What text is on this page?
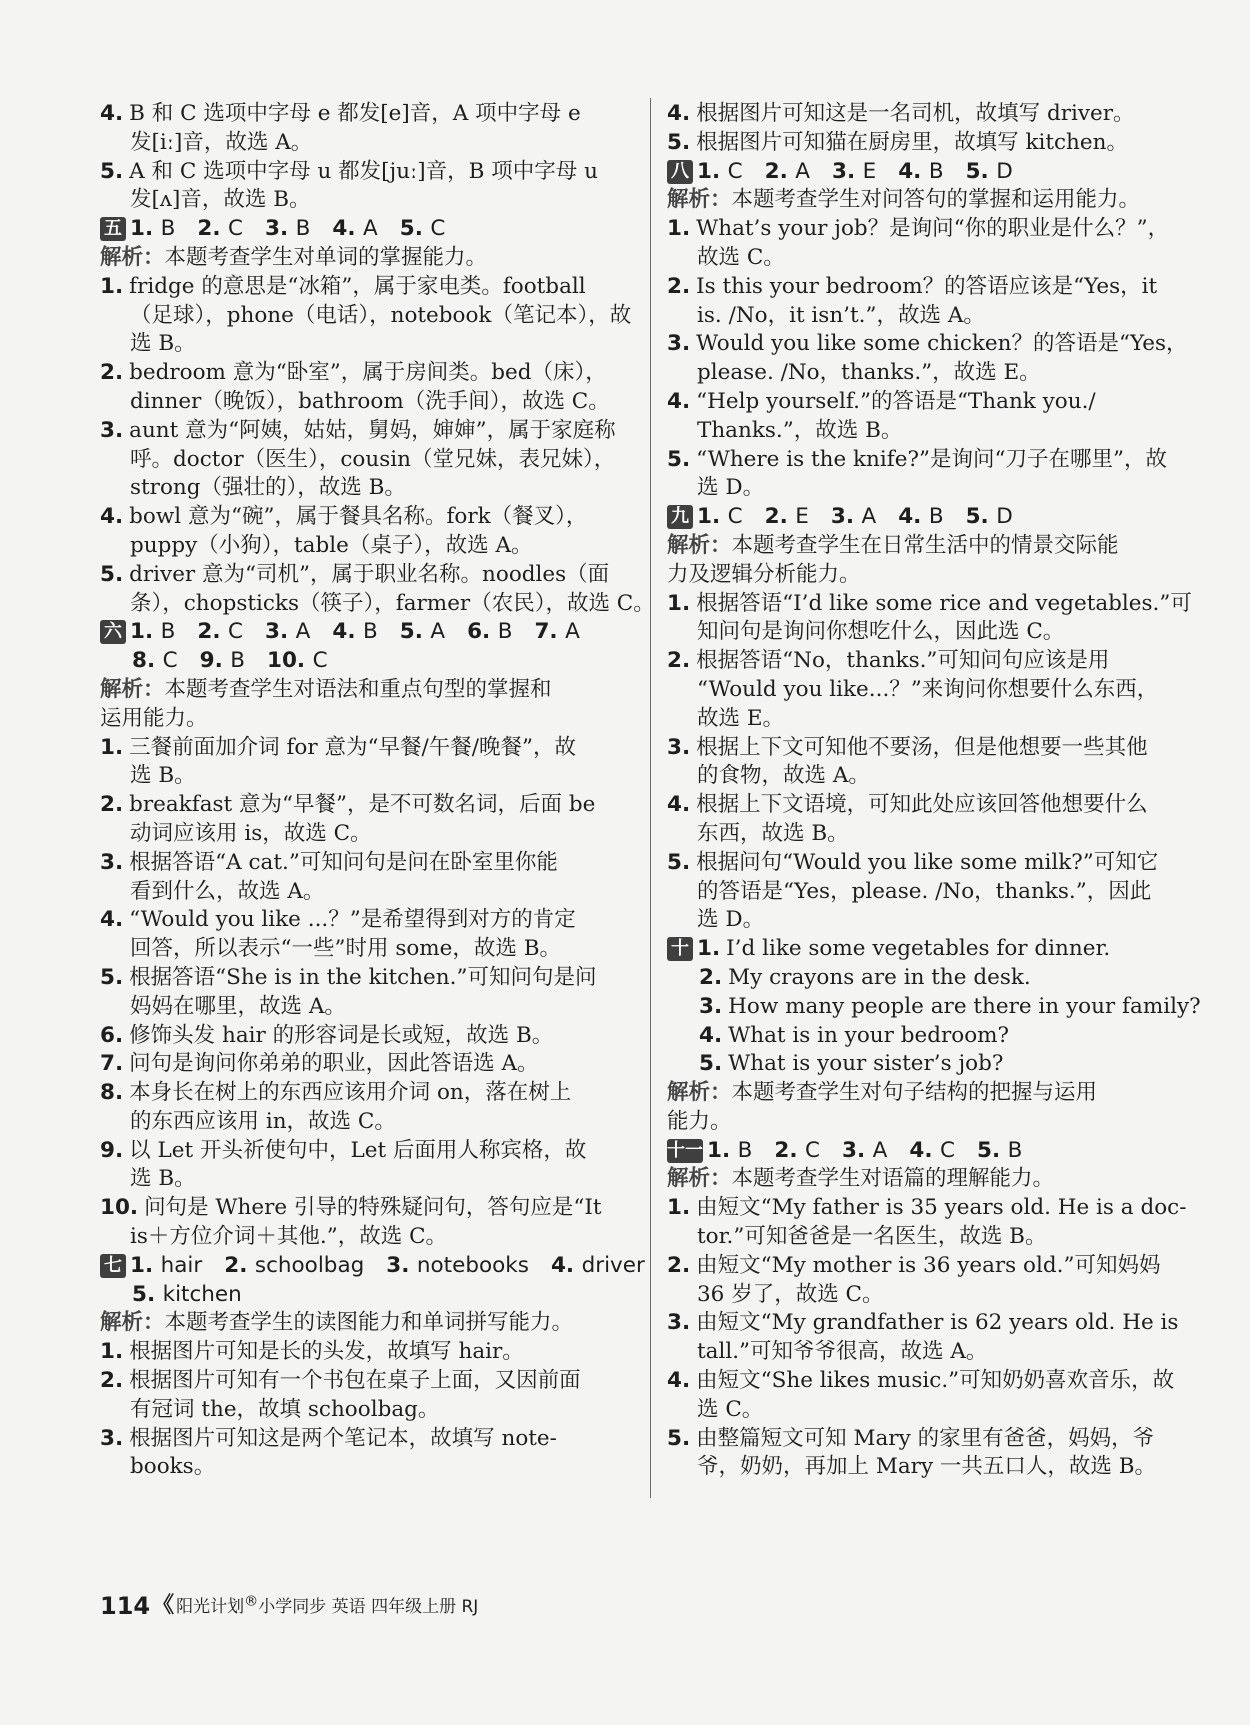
4. B 和 C 选项中字母 e 都发[e]音，A 项中字母 e
发[iː]音，故选 A。
5. A 和 C 选项中字母 u 都发[juː]音，B 项中字母 u
发[ʌ]音，故选 B。
五 1. B 2. C 3. B 4. A 5. C
解析：本题考查学生对单词的掌握能力。
1. fridge 的意思是“冰箱”，属于家电类。football
（足球），phone（电话），notebook（笔记本），故
选 B。
2. bedroom 意为“卧室”，属于房间类。bed（床），
dinner（晚饭），bathroom（洗手间），故选 C。
3. aunt 意为“阿姨，姑姑，舅妈，婶婶”，属于家庭称
呼。doctor（医生），cousin（堂兄妹，表兄妹），
strong（强壮的），故选 B。
4. bowl 意为“碗”，属于餐具名称。fork（餐叉），
puppy（小狗），table（桌子），故选 A。
5. driver 意为“司机”，属于职业名称。noodles（面
条），chopsticks（筷子），farmer（农民），故选 C。
六 1. B 2. C 3. A 4. B 5. A 6. B 7. A
8. C 9. B 10. C
解析：本题考查学生对语法和重点句型的掌握和
运用能力。
1. 三餐前面加介词 for 意为“早餐/午餐/晚餐”，故
选 B。
2. breakfast 意为“早餐”，是不可数名词，后面 be
动词应该用 is，故选 C。
3. 根据答语“A cat.”可知问句是问在卧室里你能
看到什么，故选 A。
4. “Would you like ...？”是希望得到对方的肯定
回答，所以表示“一些”时用 some，故选 B。
5. 根据答语“She is in the kitchen.”可知问句是问
妈妈在哪里，故选 A。
6. 修饰头发 hair 的形容词是长或短，故选 B。
7. 问句是询问你弟弟的职业，因此答语选 A。
8. 本身长在树上的东西应该用介词 on，落在树上
的东西应该用 in，故选 C。
9. 以 Let 开头祈使句中，Let 后面用人称宾格，故
选 B。
10. 问句是 Where 引导的特殊疑问句，答句应是“It
is＋方位介词＋其他.”，故选 C。
七 1. hair 2. schoolbag 3. notebooks 4. driver
5. kitchen
解析：本题考查学生的读图能力和单词拼写能力。
1. 根据图片可知是长的头发，故填写 hair。
2. 根据图片可知有一个书包在桌子上面，又因前面
有冠词 the，故填 schoolbag。
3. 根据图片可知这是两个笔记本，故填写 note-
books。
4. 根据图片可知这是一名司机，故填写 driver。
5. 根据图片可知猫在厨房里，故填写 kitchen。
八 1. C 2. A 3. E 4. B 5. D
解析：本题考查学生对问答句的掌握和运用能力。
1. What’s your job？是询问“你的职业是什么？”，
故选 C。
2. Is this your bedroom？的答语应该是“Yes，it
is. /No，it isn’t.”，故选 A。
3. Would you like some chicken？的答语是“Yes，
please. /No，thanks.”，故选 E。
4. “Help yourself.”的答语是“Thank you./
Thanks.”，故选 B。
5. “Where is the knife?”是询问“刀子在哪里”，故
选 D。
九 1. C 2. E 3. A 4. B 5. D
解析：本题考查学生在日常生活中的情景交际能
力及逻辑分析能力。
1. 根据答语“I’d like some rice and vegetables.”可
知问句是询问你想吃什么，因此选 C。
2. 根据答语“No，thanks.”可知问句应该是用
“Would you like...？”来询问你想要什么东西，
故选 E。
3. 根据上下文可知他不要汤，但是他想要一些其他
的食物，故选 A。
4. 根据上下文语境，可知此处应该回答他想要什么
东西，故选 B。
5. 根据问句“Would you like some milk?”可知它
的答语是“Yes，please. /No，thanks.”，因此
选 D。
十 1. I’d like some vegetables for dinner.
2. My crayons are in the desk.
3. How many people are there in your family?
4. What is in your bedroom?
5. What is your sister’s job?
解析：本题考查学生对句子结构的把握与运用
能力。
十一 1. B 2. C 3. A 4. C 5. B
解析：本题考查学生对语篇的理解能力。
1. 由短文“My father is 35 years old. He is a doc-
tor.”可知爸爸是一名医生，故选 B。
2. 由短文“My mother is 36 years old.”可知妈妈
36 岁了，故选 C。
3. 由短文“My grandfather is 62 years old. He is
tall.”可知爷爷很高，故选 A。
4. 由短文“She likes music.”可知奶奶喜欢音乐，故
选 C。
5. 由整篇短文可知 Mary 的家里有爸爸，妈妈，爷
爷，奶奶，再加上 Mary 一共五口人，故选 B。
114《 阳光计划®小学同步 英语 四年级上册 RJ
